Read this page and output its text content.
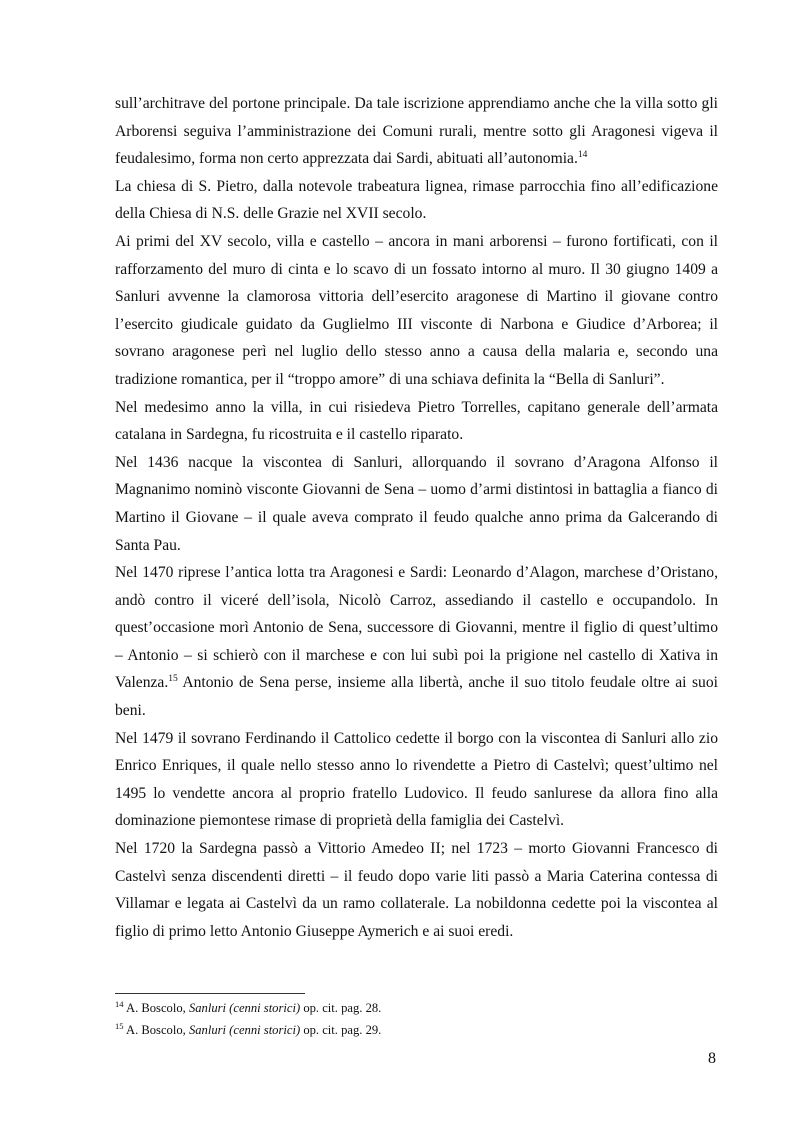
sull’architrave del portone principale. Da tale iscrizione apprendiamo anche che la villa sotto gli Arborensi seguiva l’amministrazione dei Comuni rurali, mentre sotto gli Aragonesi vigeva il feudalesimo, forma non certo apprezzata dai Sardi, abituati all’autonomia.$^{14}$

La chiesa di S. Pietro, dalla notevole trabeatura lignea, rimase parrocchia fino all’edificazione della Chiesa di N.S. delle Grazie nel XVII secolo.

Ai primi del XV secolo, villa e castello – ancora in mani arborensi – furono fortificati, con il rafforzamento del muro di cinta e lo scavo di un fossato intorno al muro. Il 30 giugno 1409 a Sanluri avvenne la clamorosa vittoria dell’esercito aragonese di Martino il giovane contro l’esercito giudicale guidato da Guglielmo III visconte di Narbona e Giudice d’Arborea; il sovrano aragonese perì nel luglio dello stesso anno a causa della malaria e, secondo una tradizione romantica, per il “troppo amore” di una schiava definita la “Bella di Sanluri”.

Nel medesimo anno la villa, in cui risiedeva Pietro Torrelles, capitano generale dell’armata catalana in Sardegna, fu ricostruita e il castello riparato.

Nel 1436 nacque la viscontea di Sanluri, allorquando il sovrano d’Aragona Alfonso il Magnanimo nominò visconte Giovanni de Sena – uomo d’armi distintosi in battaglia a fianco di Martino il Giovane – il quale aveva comprato il feudo qualche anno prima da Galcerando di Santa Pau.

Nel 1470 riprese l’antica lotta tra Aragonesi e Sardi: Leonardo d’Alagon, marchese d’Oristano, andò contro il viceré dell’isola, Nicolò Carroz, assediando il castello e occupandolo. In quest’occasione morì Antonio de Sena, successore di Giovanni, mentre il figlio di quest’ultimo – Antonio – si schierò con il marchese e con lui subì poi la prigione nel castello di Xativa in Valenza.$^{15}$ Antonio de Sena perse, insieme alla libertà, anche il suo titolo feudale oltre ai suoi beni.

Nel 1479 il sovrano Ferdinando il Cattolico cedette il borgo con la viscontea di Sanluri allo zio Enrico Enriques, il quale nello stesso anno lo rivendette a Pietro di Castelvì; quest’ultimo nel 1495 lo vendette ancora al proprio fratello Ludovico. Il feudo sanlurese da allora fino alla dominazione piemontese rimase di proprietà della famiglia dei Castelvì.

Nel 1720 la Sardegna passò a Vittorio Amedeo II; nel 1723 – morto Giovanni Francesco di Castelvì senza discendenti diretti – il feudo dopo varie liti passò a Maria Caterina contessa di Villamar e legata ai Castelvì da un ramo collaterale. La nobildonna cedette poi la viscontea al figlio di primo letto Antonio Giuseppe Aymerich e ai suoi eredi.

$^{14}$ A. Boscolo, Sanluri (cenni storici) op. cit. pag. 28.

$^{15}$ A. Boscolo, Sanluri (cenni storici) op. cit. pag. 29.

8
